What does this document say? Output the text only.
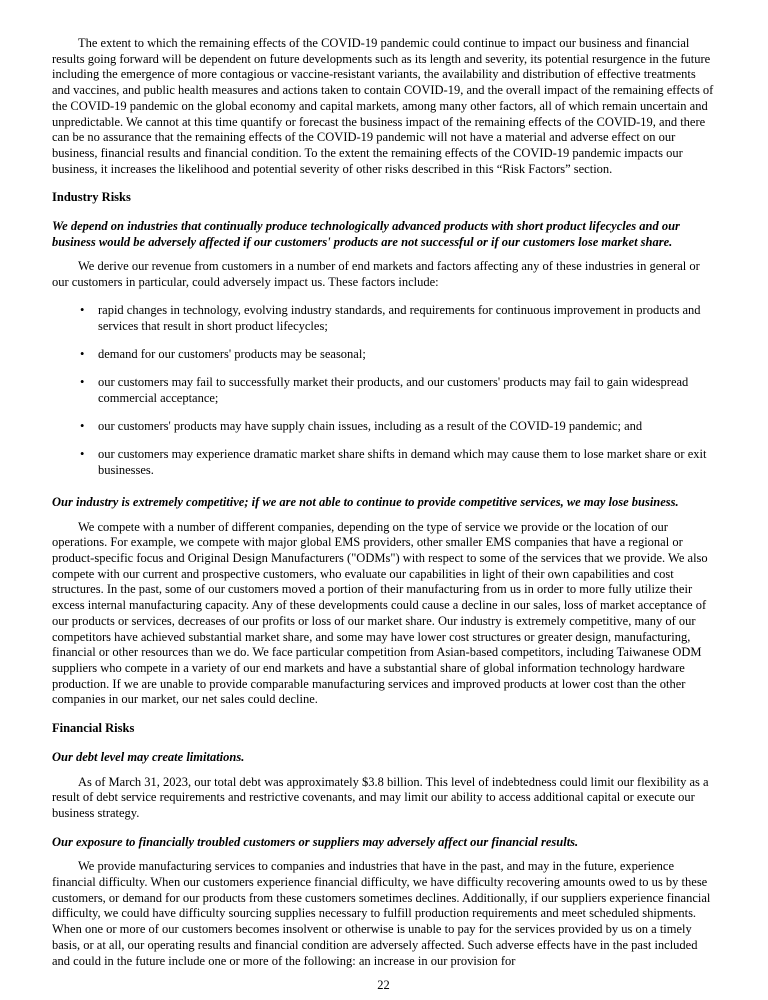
The extent to which the remaining effects of the COVID-19 pandemic could continue to impact our business and financial results going forward will be dependent on future developments such as its length and severity, its potential resurgence in the future including the emergence of more contagious or vaccine-resistant variants, the availability and distribution of effective treatments and vaccines, and public health measures and actions taken to contain COVID-19, and the overall impact of the remaining effects of the COVID-19 pandemic on the global economy and capital markets, among many other factors, all of which remain uncertain and unpredictable. We cannot at this time quantify or forecast the business impact of the remaining effects of the COVID-19, and there can be no assurance that the remaining effects of the COVID-19 pandemic will not have a material and adverse effect on our business, financial results and financial condition. To the extent the remaining effects of the COVID-19 pandemic impacts our business, it increases the likelihood and potential severity of other risks described in this “Risk Factors” section.

Industry Risks

We depend on industries that continually produce technologically advanced products with short product lifecycles and our business would be adversely affected if our customers' products are not successful or if our customers lose market share.

We derive our revenue from customers in a number of end markets and factors affecting any of these industries in general or our customers in particular, could adversely impact us. These factors include:

•	rapid changes in technology, evolving industry standards, and requirements for continuous improvement in products and services that result in short product lifecycles;
•	demand for our customers' products may be seasonal;
•	our customers may fail to successfully market their products, and our customers' products may fail to gain widespread commercial acceptance;
•	our customers' products may have supply chain issues, including as a result of the COVID-19 pandemic; and
•	our customers may experience dramatic market share shifts in demand which may cause them to lose market share or exit businesses.

Our industry is extremely competitive; if we are not able to continue to provide competitive services, we may lose business.

We compete with a number of different companies, depending on the type of service we provide or the location of our operations. For example, we compete with major global EMS providers, other smaller EMS companies that have a regional or product-specific focus and Original Design Manufacturers ("ODMs") with respect to some of the services that we provide. We also compete with our current and prospective customers, who evaluate our capabilities in light of their own capabilities and cost structures. In the past, some of our customers moved a portion of their manufacturing from us in order to more fully utilize their excess internal manufacturing capacity. Any of these developments could cause a decline in our sales, loss of market acceptance of our products or services, decreases of our profits or loss of our market share. Our industry is extremely competitive, many of our competitors have achieved substantial market share, and some may have lower cost structures or greater design, manufacturing, financial or other resources than we do. We face particular competition from Asian-based competitors, including Taiwanese ODM suppliers who compete in a variety of our end markets and have a substantial share of global information technology hardware production. If we are unable to provide comparable manufacturing services and improved products at lower cost than the other companies in our market, our net sales could decline.

Financial Risks

Our debt level may create limitations.

As of March 31, 2023, our total debt was approximately $3.8 billion. This level of indebtedness could limit our flexibility as a result of debt service requirements and restrictive covenants, and may limit our ability to access additional capital or execute our business strategy.

Our exposure to financially troubled customers or suppliers may adversely affect our financial results.

We provide manufacturing services to companies and industries that have in the past, and may in the future, experience financial difficulty. When our customers experience financial difficulty, we have difficulty recovering amounts owed to us by these customers, or demand for our products from these customers sometimes declines. Additionally, if our suppliers experience financial difficulty, we could have difficulty sourcing supplies necessary to fulfill production requirements and meet scheduled shipments. When one or more of our customers becomes insolvent or otherwise is unable to pay for the services provided by us on a timely basis, or at all, our operating results and financial condition are adversely affected. Such adverse effects have in the past included and could in the future include one or more of the following: an increase in our provision for

22
